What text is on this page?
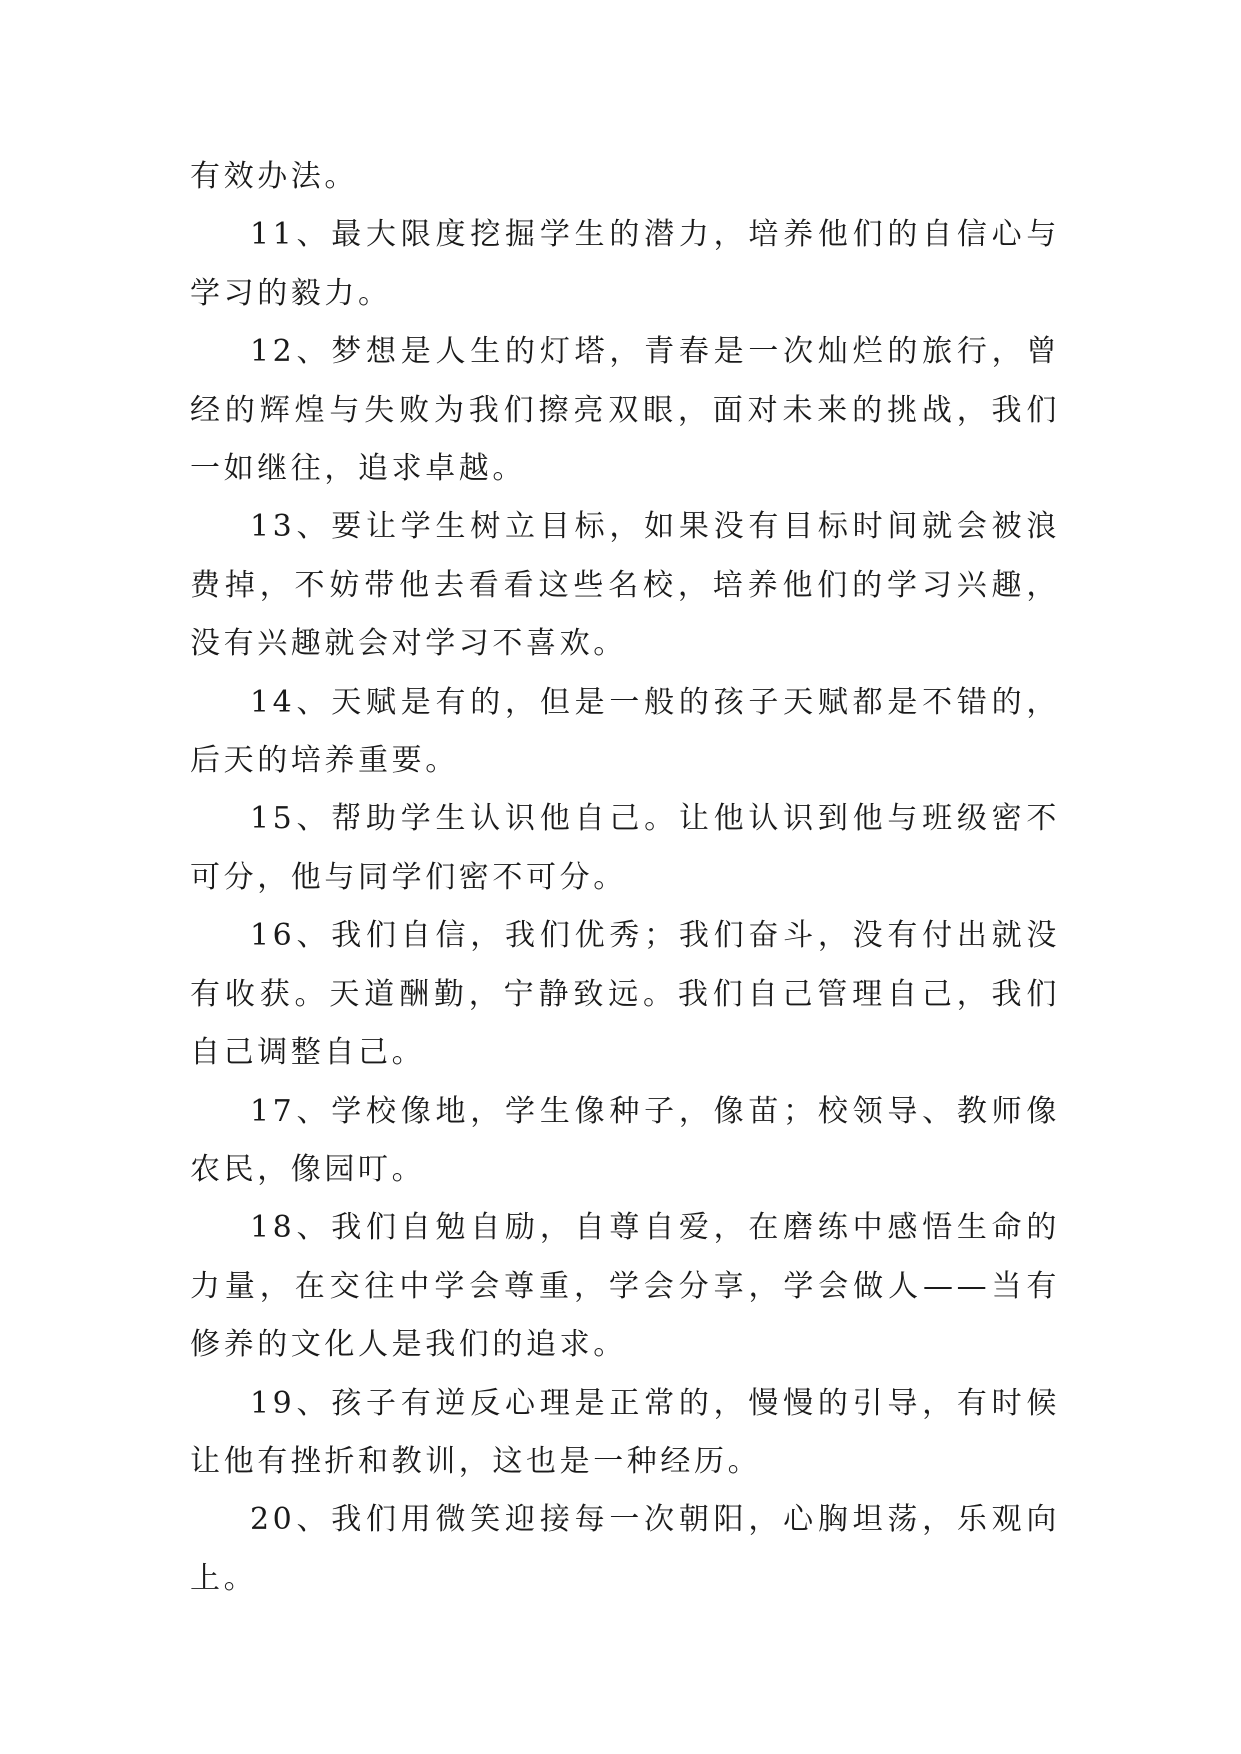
有效办法。

11、最大限度挖掘学生的潜力，培养他们的自信心与学习的毅力。

12、梦想是人生的灯塔，青春是一次灿烂的旅行，曾经的辉煌与失败为我们擦亮双眼，面对未来的挑战，我们一如继往，追求卓越。

13、要让学生树立目标，如果没有目标时间就会被浪费掉，不妨带他去看看这些名校，培养他们的学习兴趣，没有兴趣就会对学习不喜欢。

14、天赋是有的，但是一般的孩子天赋都是不错的，后天的培养重要。

15、帮助学生认识他自己。让他认识到他与班级密不可分，他与同学们密不可分。

16、我们自信，我们优秀；我们奋斗，没有付出就没有收获。天道酬勤，宁静致远。我们自己管理自己，我们自己调整自己。

17、学校像地，学生像种子，像苗；校领导、教师像农民，像园叮。

18、我们自勉自励，自尊自爱，在磨练中感悟生命的力量，在交往中学会尊重，学会分享，学会做人——当有修养的文化人是我们的追求。

19、孩子有逆反心理是正常的，慢慢的引导，有时候让他有挫折和教训，这也是一种经历。

20、我们用微笑迎接每一次朝阳，心胸坦荡，乐观向上。
